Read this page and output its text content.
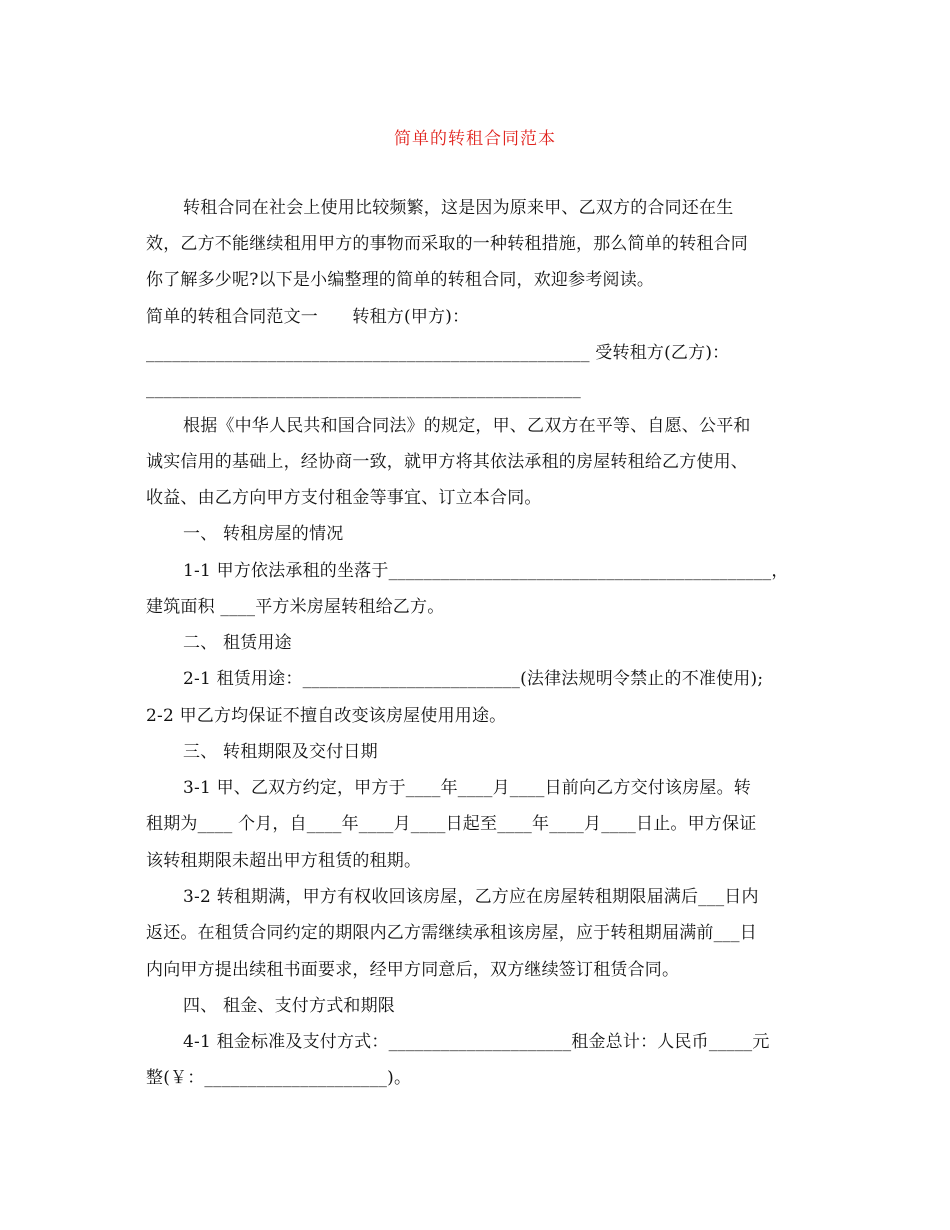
简单的转租合同范本
转租合同在社会上使用比较频繁，这是因为原来甲、乙双方的合同还在生
效，乙方不能继续租用甲方的事物而采取的一种转租措施，那么简单的转租合同
你了解多少呢?以下是小编整理的简单的转租合同，欢迎参考阅读。
简单的转租合同范文一　　转租方(甲方)：
___________________________________________________ 受转租方(乙方)：
__________________________________________________
根据《中华人民共和国合同法》的规定，甲、乙双方在平等、自愿、公平和
诚实信用的基础上，经协商一致，就甲方将其依法承租的房屋转租给乙方使用、
收益、由乙方向甲方支付租金等事宜、订立本合同。
一、 转租房屋的情况
1-1 甲方依法承租的坐落于____________________________________________，
建筑面积 ____平方米房屋转租给乙方。
二、 租赁用途
2-1 租赁用途：_________________________(法律法规明令禁止的不准使用);
2-2 甲乙方均保证不擅自改变该房屋使用用途。
三、 转租期限及交付日期
3-1 甲、乙双方约定，甲方于____年____月____日前向乙方交付该房屋。转
租期为____ 个月，自____年____月____日起至____年____月____日止。甲方保证
该转租期限未超出甲方租赁的租期。
3-2 转租期满，甲方有权收回该房屋，乙方应在房屋转租期限届满后___日内
返还。在租赁合同约定的期限内乙方需继续承租该房屋，应于转租期届满前___日
内向甲方提出续租书面要求，经甲方同意后，双方继续签订租赁合同。
四、 租金、支付方式和期限
4-1 租金标准及支付方式：_____________________租金总计：人民币_____元
整(￥：_____________________)。
